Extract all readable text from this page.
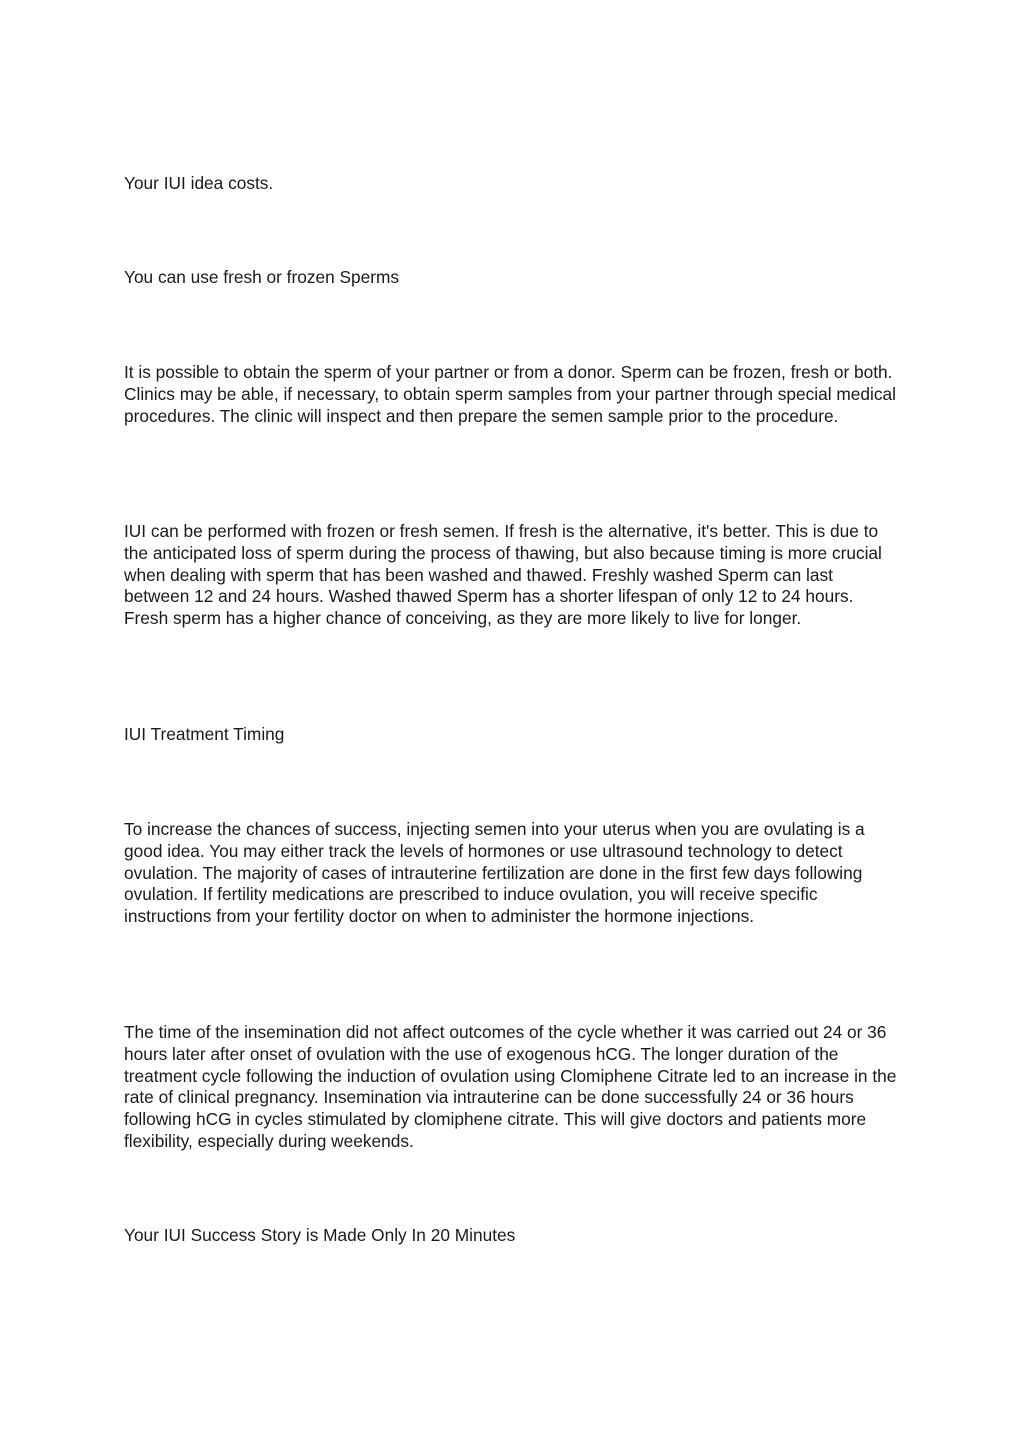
Your IUI idea costs.

You can use fresh or frozen Sperms

It is possible to obtain the sperm of your partner or from a donor. Sperm can be frozen, fresh or both. Clinics may be able, if necessary, to obtain sperm samples from your partner through special medical procedures. The clinic will inspect and then prepare the semen sample prior to the procedure.

IUI can be performed with frozen or fresh semen. If fresh is the alternative, it's better. This is due to the anticipated loss of sperm during the process of thawing, but also because timing is more crucial when dealing with sperm that has been washed and thawed. Freshly washed Sperm can last between 12 and 24 hours. Washed thawed Sperm has a shorter lifespan of only 12 to 24 hours. Fresh sperm has a higher chance of conceiving, as they are more likely to live for longer.

IUI Treatment Timing

To increase the chances of success, injecting semen into your uterus when you are ovulating is a good idea. You may either track the levels of hormones or use ultrasound technology to detect ovulation. The majority of cases of intrauterine fertilization are done in the first few days following ovulation. If fertility medications are prescribed to induce ovulation, you will receive specific instructions from your fertility doctor on when to administer the hormone injections.

The time of the insemination did not affect outcomes of the cycle whether it was carried out 24 or 36 hours later after onset of ovulation with the use of exogenous hCG. The longer duration of the treatment cycle following the induction of ovulation using Clomiphene Citrate led to an increase in the rate of clinical pregnancy. Insemination via intrauterine can be done successfully 24 or 36 hours following hCG in cycles stimulated by clomiphene citrate. This will give doctors and patients more flexibility, especially during weekends.

Your IUI Success Story is Made Only In 20 Minutes
